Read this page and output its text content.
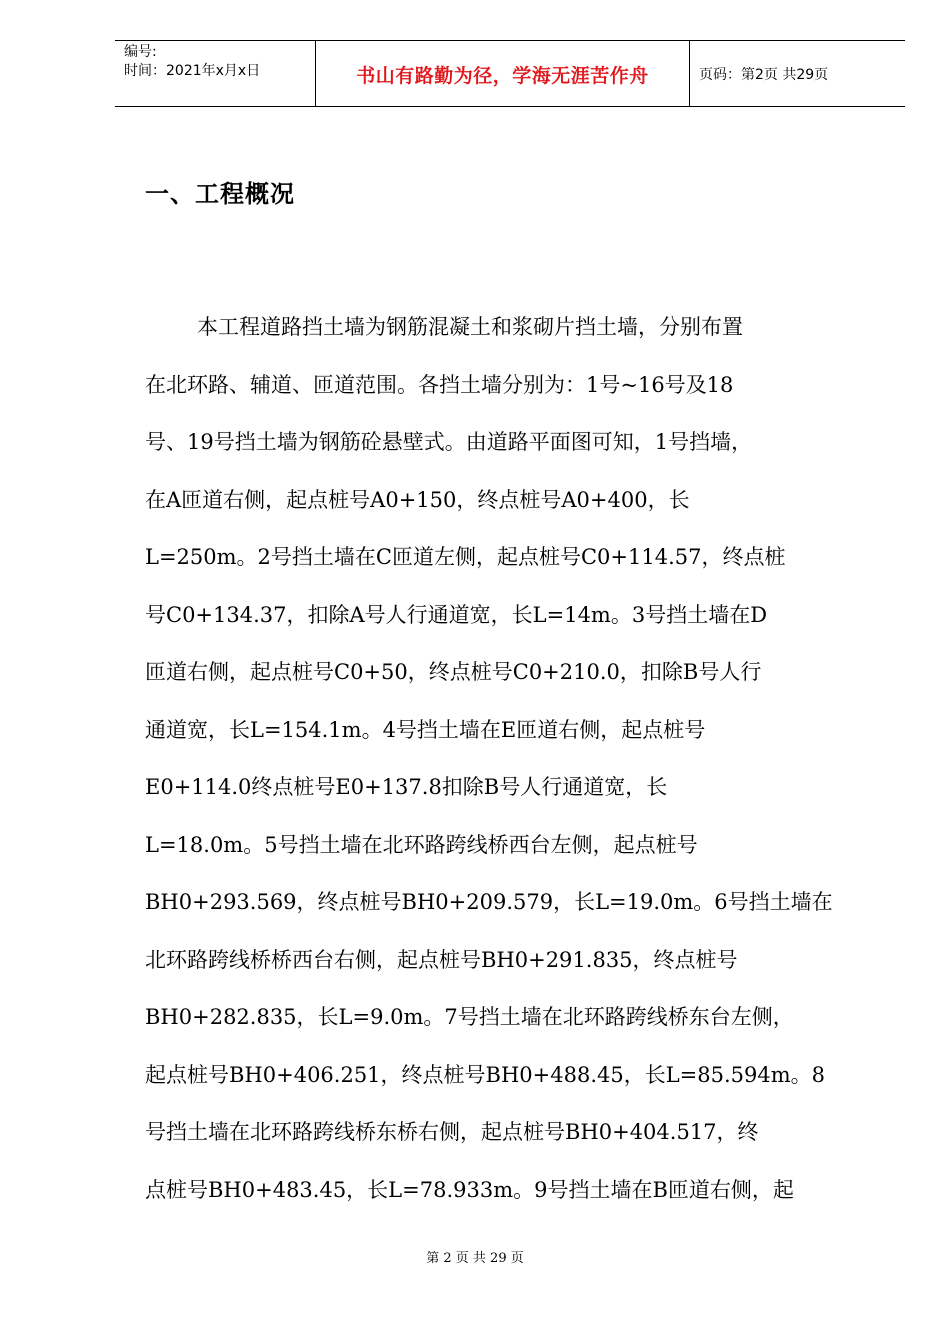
编号:
时间：2021年x月x日	书山有路勤为径，学海无涯苦作舟	页码：第2页 共29页
一、工程概况
本工程道路挡土墙为钢筋混凝土和浆砌片挡土墙，分别布置
在北环路、辅道、匝道范围。各挡土墙分别为：1号~16号及18
号、19号挡土墙为钢筋砼悬壁式。由道路平面图可知，1号挡墙，
在A匝道右侧，起点桩号A0+150，终点桩号A0+400，长
L=250m。2号挡土墙在C匝道左侧，起点桩号C0+114.57，终点桩
号C0+134.37，扣除A号人行通道宽，长L=14m。3号挡土墙在D
匝道右侧，起点桩号C0+50，终点桩号C0+210.0，扣除B号人行
通道宽，长L=154.1m。4号挡土墙在E匝道右侧，起点桩号
E0+114.0终点桩号E0+137.8扣除B号人行通道宽，长
L=18.0m。5号挡土墙在北环路跨线桥西台左侧，起点桩号
BH0+293.569，终点桩号BH0+209.579，长L=19.0m。6号挡土墙在
北环路跨线桥桥西台右侧，起点桩号BH0+291.835，终点桩号
BH0+282.835，长L=9.0m。7号挡土墙在北环路跨线桥东台左侧，
起点桩号BH0+406.251，终点桩号BH0+488.45，长L=85.594m。8
号挡土墙在北环路跨线桥东桥右侧，起点桩号BH0+404.517，终
点桩号BH0+483.45，长L=78.933m。9号挡土墙在B匝道右侧，起
第 2 页 共 29 页
